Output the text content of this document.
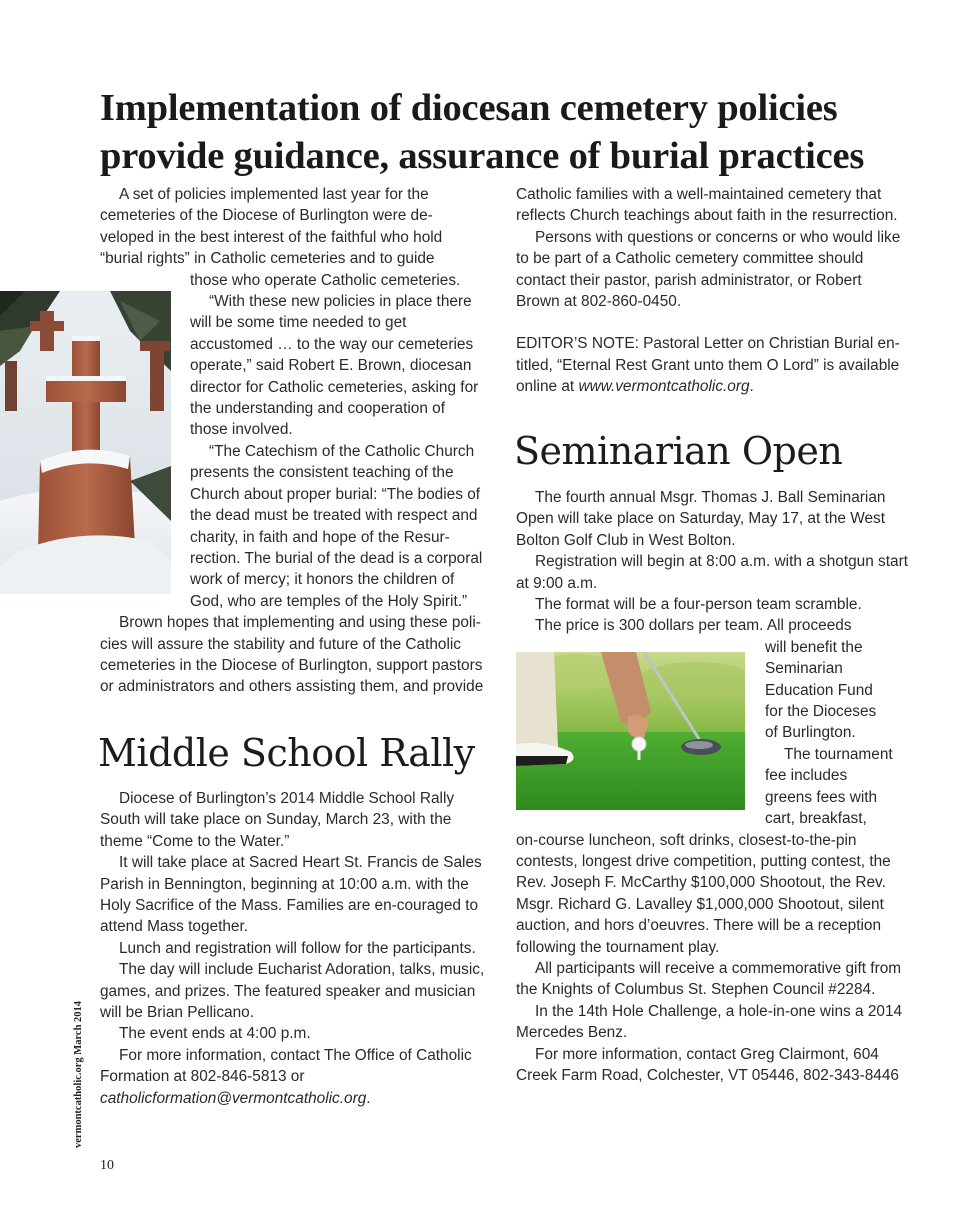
Implementation of diocesan cemetery policies provide guidance, assurance of burial practices

A set of policies implemented last year for the

cemeteries of the Diocese of Burlington were de-

veloped in the best interest of the faithful who hold

“burial rights” in Catholic cemeteries and to guide

those who operate Catholic cemeteries.

“With these new policies in place there will be some time needed to get accustomed … to the way our cemeteries operate,” said Robert E. Brown, diocesan director for Catholic cemeteries, asking for the understanding and cooperation of those involved.

“The Catechism of the Catholic Church presents the consistent teaching of the Church about proper burial: “The bodies of the dead must be treated with respect and charity, in faith and hope of the Resur-rection. The burial of the dead is a corporal work of mercy; it honors the children of God, who are temples of the Holy Spirit.”

Brown hopes that implementing and using these poli-cies will assure the stability and future of the Catholic cemeteries in the Diocese of Burlington, support pastors or administrators and others assisting them, and provide

Catholic families with a well-maintained cemetery that reflects Church teachings about faith in the resurrection.

Persons with questions or concerns or who would like to be part of a Catholic cemetery committee should contact their pastor, parish administrator, or Robert Brown at 802-860-0450.

EDITOR’S NOTE: Pastoral Letter on Christian Burial en-titled, “Eternal Rest Grant unto them O Lord” is available online at www.vermontcatholic.org.

Middle School Rally

Diocese of Burlington’s 2014 Middle School Rally South will take place on Sunday, March 23, with the theme “Come to the Water.”

It will take place at Sacred Heart St. Francis de Sales Parish in Bennington, beginning at 10:00 a.m. with the Holy Sacrifice of the Mass. Families are en-couraged to attend Mass together.

Lunch and registration will follow for the participants.

The day will include Eucharist Adoration, talks, music, games, and prizes. The featured speaker and musician will be Brian Pellicano.

The event ends at 4:00 p.m.

For more information, contact The Office of Catholic Formation at 802-846-5813 or catholicformation@vermontcatholic.org.

Seminarian Open

The fourth annual Msgr. Thomas J. Ball Seminarian Open will take place on Saturday, May 17, at the West Bolton Golf Club in West Bolton.

Registration will begin at 8:00 a.m. with a shotgun start at 9:00 a.m.

The format will be a four-person team scramble.

The price is 300 dollars per team. All proceeds

will benefit the

Seminarian

Education Fund

for the Dioceses

of Burlington.

The tournament

fee includes

greens fees with

cart, breakfast,

on-course luncheon, soft drinks, closest-to-the-pin contests, longest drive competition, putting contest, the Rev. Joseph F. McCarthy $100,000 Shootout, the Rev. Msgr. Richard G. Lavalley $1,000,000 Shootout, silent auction, and hors d’oeuvres. There will be a reception following the tournament play.

All participants will receive a commemorative gift from the Knights of Columbus St. Stephen Council #2284.

In the 14th Hole Challenge, a hole-in-one wins a 2014 Mercedes Benz.

For more information, contact Greg Clairmont, 604 Creek Farm Road, Colchester, VT 05446, 802-343-8446

vermontcatholic.org March 2014
10
